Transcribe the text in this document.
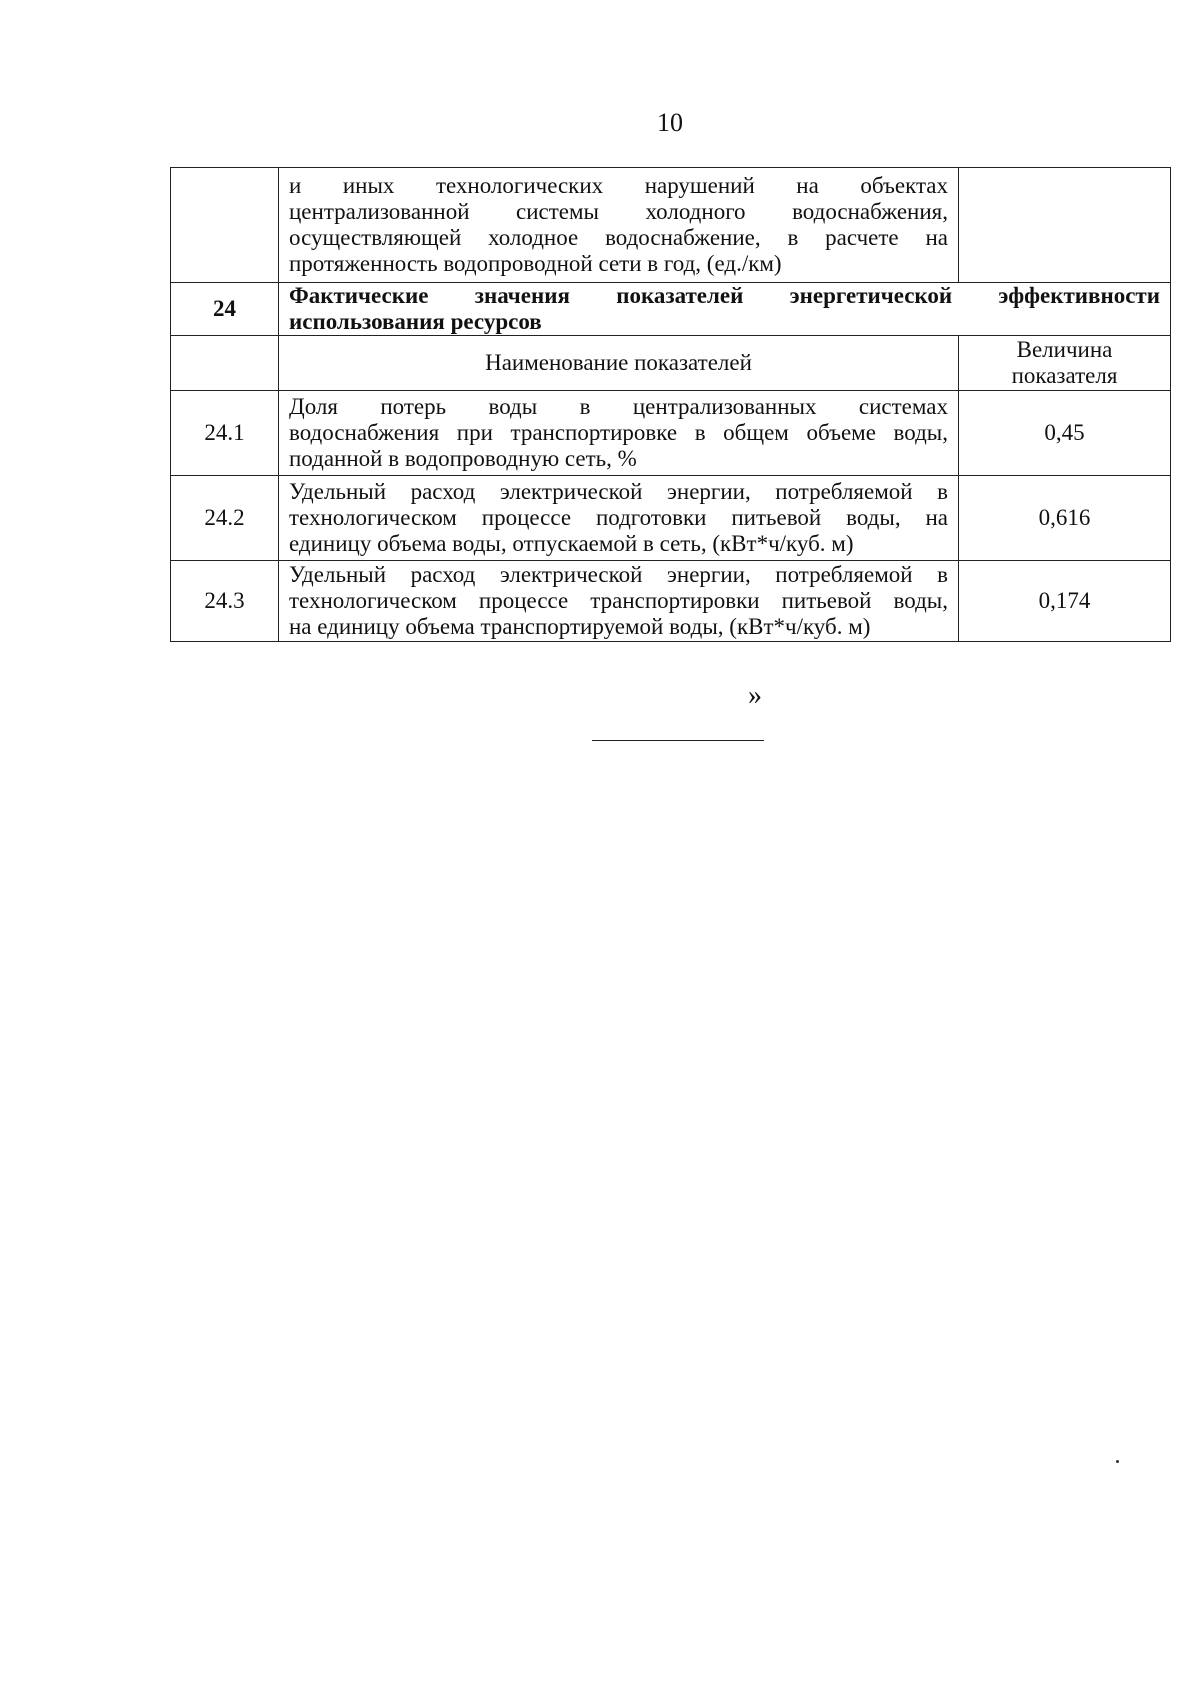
10

	и иных технологических нарушений на объектах
централизованной системы холодного водоснабжения,
осуществляющей холодное водоснабжение, в расчете на
протяженность водопроводной сети в год, (ед./км)	

24	Фактические значения показателей энергетической эффективности
использования ресурсов	

	Наименование показателей	Величина
показателя

24.1	Доля потерь воды в централизованных системах
водоснабжения при транспортировке в общем объеме воды,
поданной в водопроводную сеть, %	0,45
24.2	Удельный расход электрической энергии, потребляемой в
технологическом процессе подготовки питьевой воды, на
единицу объема воды, отпускаемой в сеть, (кВт*ч/куб. м)	0,616
24.3	Удельный расход электрической энергии, потребляемой в
технологическом процессе транспортировки питьевой воды,
на единицу объема транспортируемой воды, (кВт*ч/куб. м)	0,174
»
